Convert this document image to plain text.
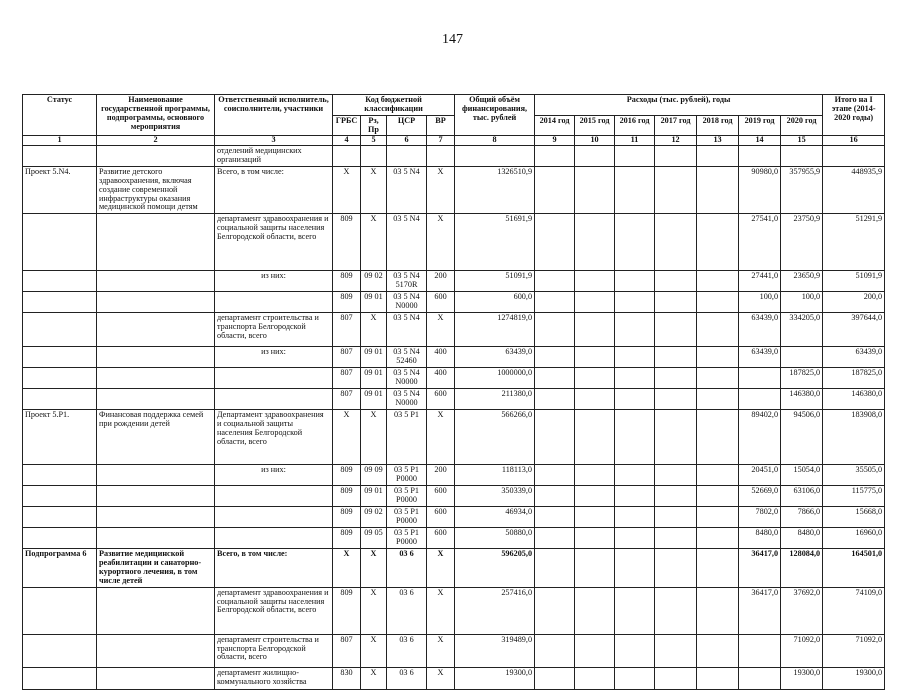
147
Статус	Наименование государственной программы, подпрограммы, основного мероприятия	Ответственный исполнитель, соисполнители, участники	Код бюджетной классификации				Общий объём финансирования, тыс. рублей	Расходы (тыс. рублей), годы							Итого на I этапе (2014-2020 годы)
			ГРБС	Рз, Пр	ЦСР	ВР		2014 год	2015 год	2016 год	2017 год	2018 год	2019 год	2020 год	
1	2	3	4	5	6	7	8	9	10	11	12	13	14	15	16
		отделений медицинских организаций													
Проект 5.N4.	Развитие детского здравоохранения, включая создание современной инфраструктуры оказания медицинской помощи детям	Всего, в том числе:	Х	Х	03 5 N4	Х	1326510,9						90980,0	357955,9	448935,9
		департамент здравоохранения и социальной защиты населения Белгородской области, всего	809	Х	03 5 N4	Х	51691,9						27541,0	23750,9	51291,9
		из них:	809	09 02	03 5 N4 5170R	200	51091,9						27441,0	23650,9	51091,9
			809	09 01	03 5 N4 N0000	600	600,0						100,0	100,0	200,0
		департамент строительства и транспорта Белгородской области, всего	807	Х	03 5 N4	Х	1274819,0						63439,0	334205,0	397644,0
		из них:	807	09 01	03 5 N4 52460	400	63439,0						63439,0		63439,0
			807	09 01	03 5 N4 N0000	400	1000000,0							187825,0	187825,0
			807	09 01	03 5 N4 N0000	600	211380,0							146380,0	146380,0
Проект 5.Р1.	Финансовая поддержка семей при рождении детей	Департамент здравоохранения и социальной защиты населения Белгородской области, всего	Х	Х	03 5 Р1	Х	566266,0						89402,0	94506,0	183908,0
		из них:	809	09 09	03 5 Р1 Р0000	200	118113,0						20451,0	15054,0	35505,0
			809	09 01	03 5 Р1 Р0000	600	350339,0						52669,0	63106,0	115775,0
			809	09 02	03 5 Р1 Р0000	600	46934,0						7802,0	7866,0	15668,0
			809	09 05	03 5 Р1 Р0000	600	50880,0						8480,0	8480,0	16960,0
Подпрограмма 6	Развитие медицинской реабилитации и санаторно-курортного лечения, в том числе детей	Всего, в том числе:	Х	Х	03 6	Х	596205,0						36417,0	128084,0	164501,0
		департамент здравоохранения и социальной защиты населения Белгородской области, всего	809	Х	03 6	Х	257416,0						36417,0	37692,0	74109,0
		департамент строительства и транспорта Белгородской области, всего	807	Х	03 6	Х	319489,0							71092,0	71092,0
		департамент жилищно-коммунального хозяйства	830	Х	03 6	Х	19300,0							19300,0	19300,0
